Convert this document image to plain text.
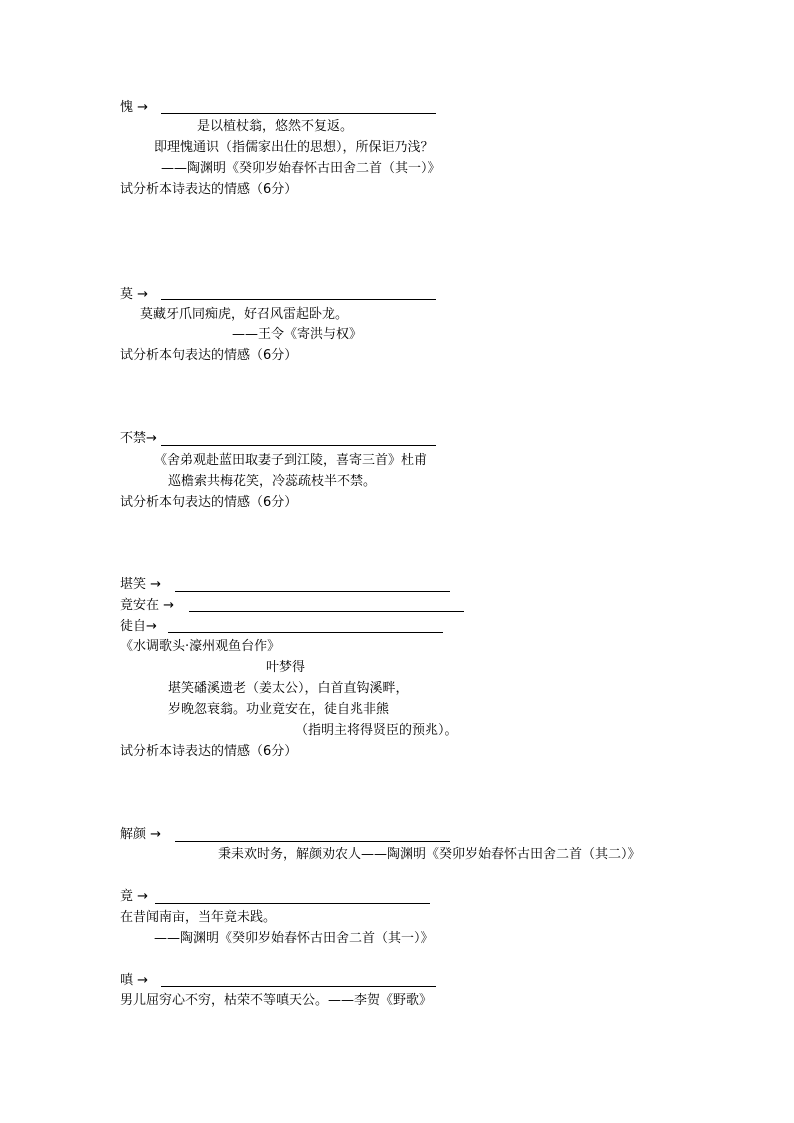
愧 →
是以植杖翁，悠然不复返。
即理愧通识（指儒家出仕的思想），所保讵乃浅？
——陶渊明《癸卯岁始春怀古田舍二首（其一）》
试分析本诗表达的情感（6分）
莫 →
莫藏牙爪同痴虎，好召风雷起卧龙。
——王令《寄洪与权》
试分析本句表达的情感（6分）
不禁→
《舍弟观赴蓝田取妻子到江陵，喜寄三首》杜甫
巡檐索共梅花笑，冷蕊疏枝半不禁。
试分析本句表达的情感（6分）
堪笑 →
竟安在 →
徒自→
《水调歌头·濠州观鱼台作》
叶梦得
堪笑磻溪遗老（姜太公），白首直钩溪畔，
岁晚忽衰翁。功业竟安在，徒自兆非熊
（指明主将得贤臣的预兆）。
试分析本诗表达的情感（6分）
解颜 →
秉耒欢时务，解颜劝农人——陶渊明《癸卯岁始春怀古田舍二首（其二）》
竟 →
在昔闻南亩，当年竟未践。
——陶渊明《癸卯岁始春怀古田舍二首（其一）》
嗔 →
男儿屈穷心不穷，枯荣不等嗔天公。——李贺《野歌》
